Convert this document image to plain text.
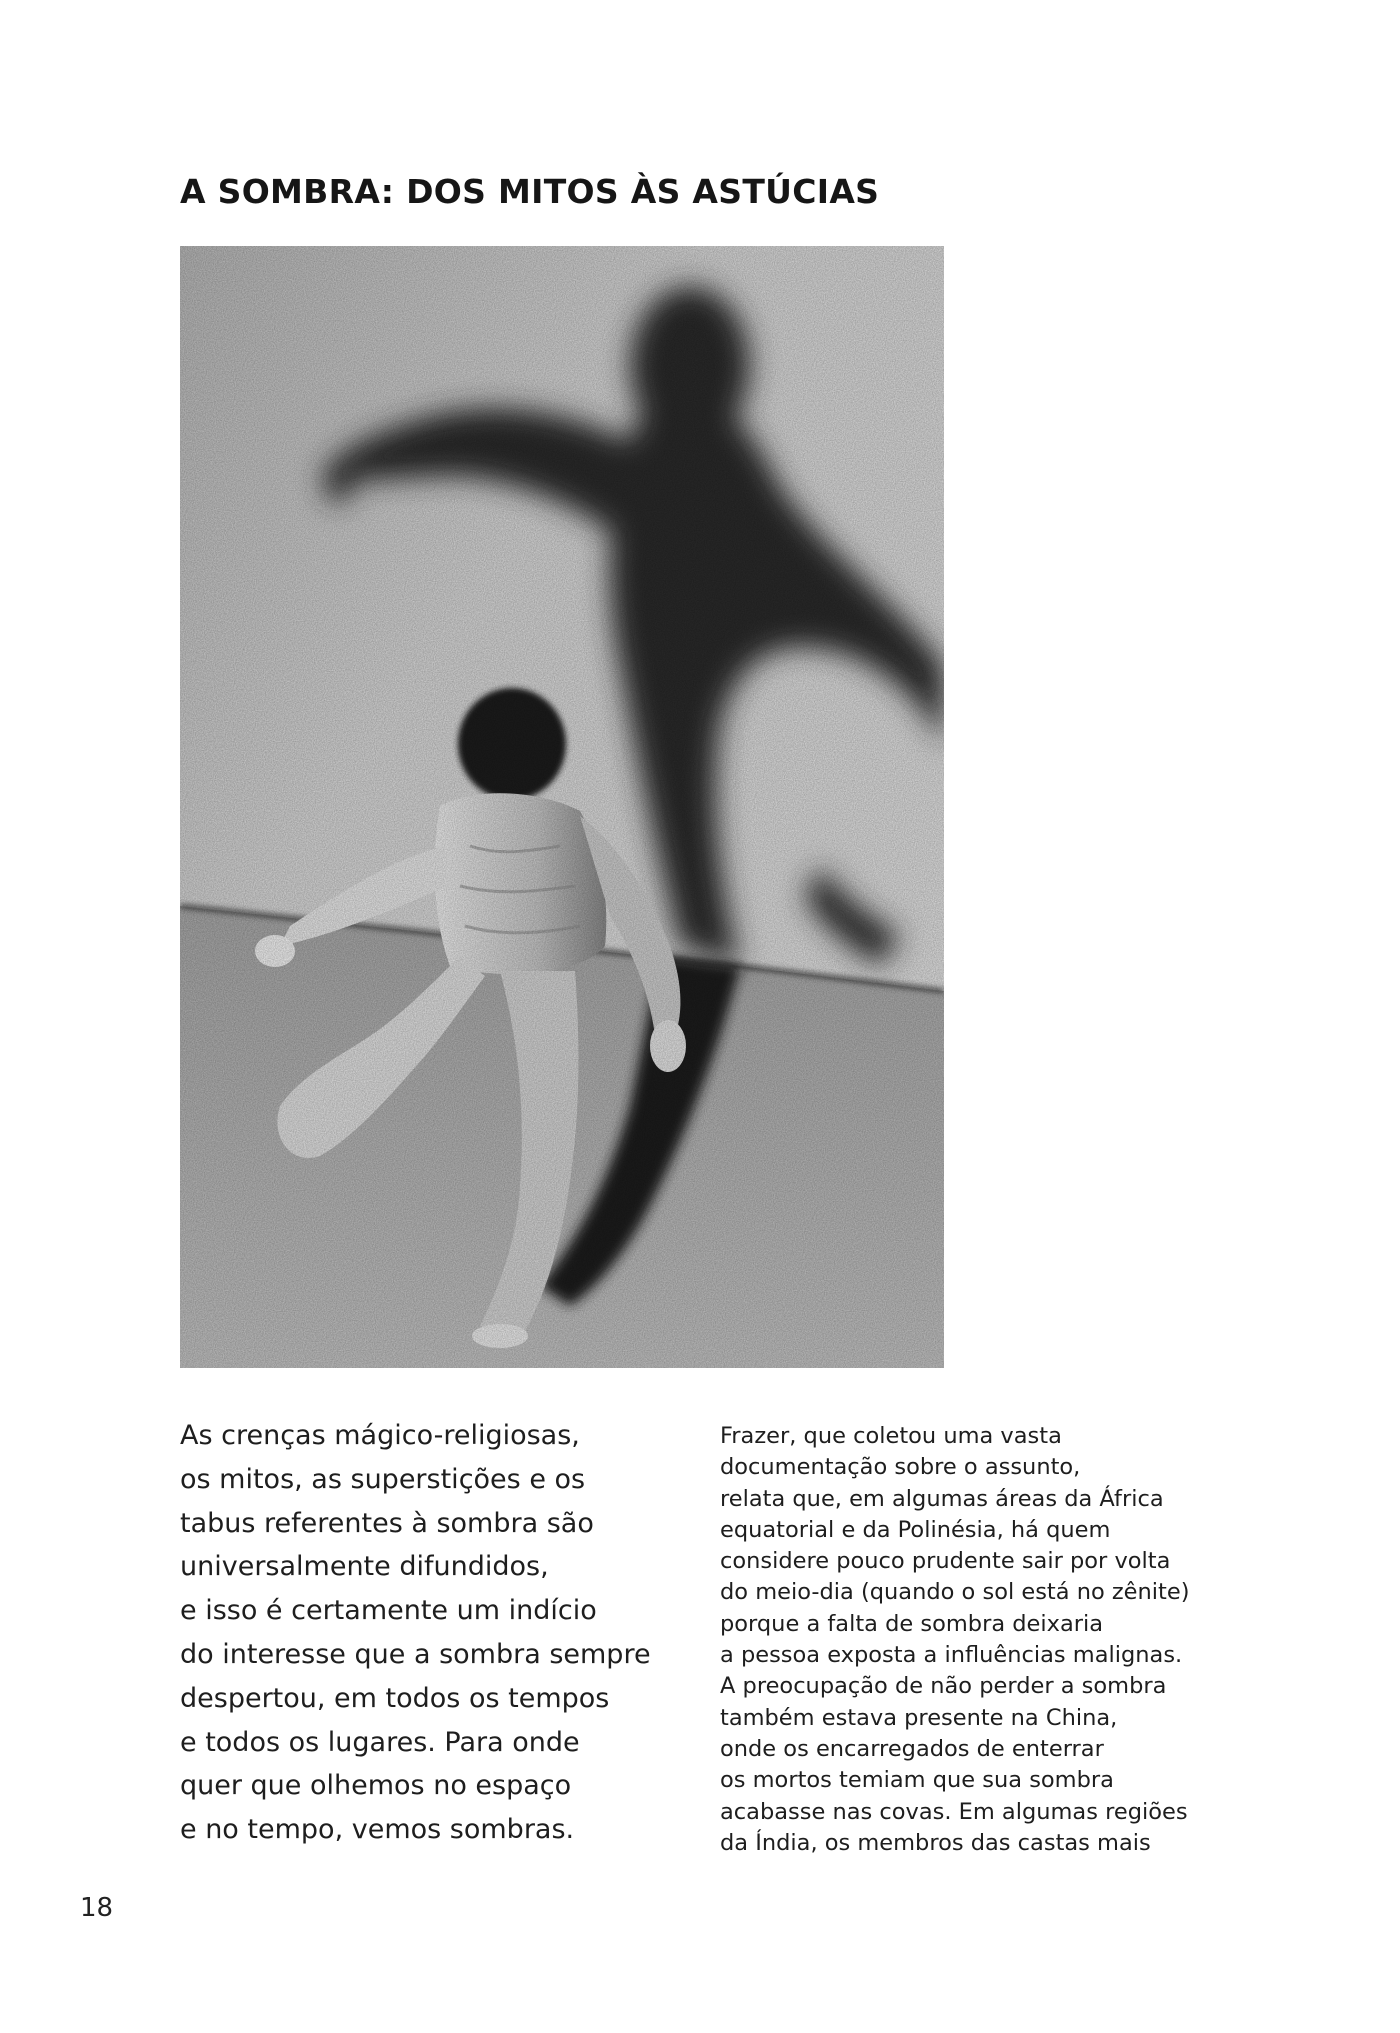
A SOMBRA: DOS MITOS ÀS ASTÚCIAS
As crenças mágico-religiosas,
os mitos, as superstições e os
tabus referentes à sombra são
universalmente difundidos,
e isso é certamente um indício
do interesse que a sombra sempre
despertou, em todos os tempos
e todos os lugares. Para onde
quer que olhemos no espaço
e no tempo, vemos sombras.
Frazer, que coletou uma vasta
documentação sobre o assunto,
relata que, em algumas áreas da África
equatorial e da Polinésia, há quem
considere pouco prudente sair por volta
do meio-dia (quando o sol está no zênite)
porque a falta de sombra deixaria
a pessoa exposta a influências malignas.
A preocupação de não perder a sombra
também estava presente na China,
onde os encarregados de enterrar
os mortos temiam que sua sombra
acabasse nas covas. Em algumas regiões
da Índia, os membros das castas mais
18
